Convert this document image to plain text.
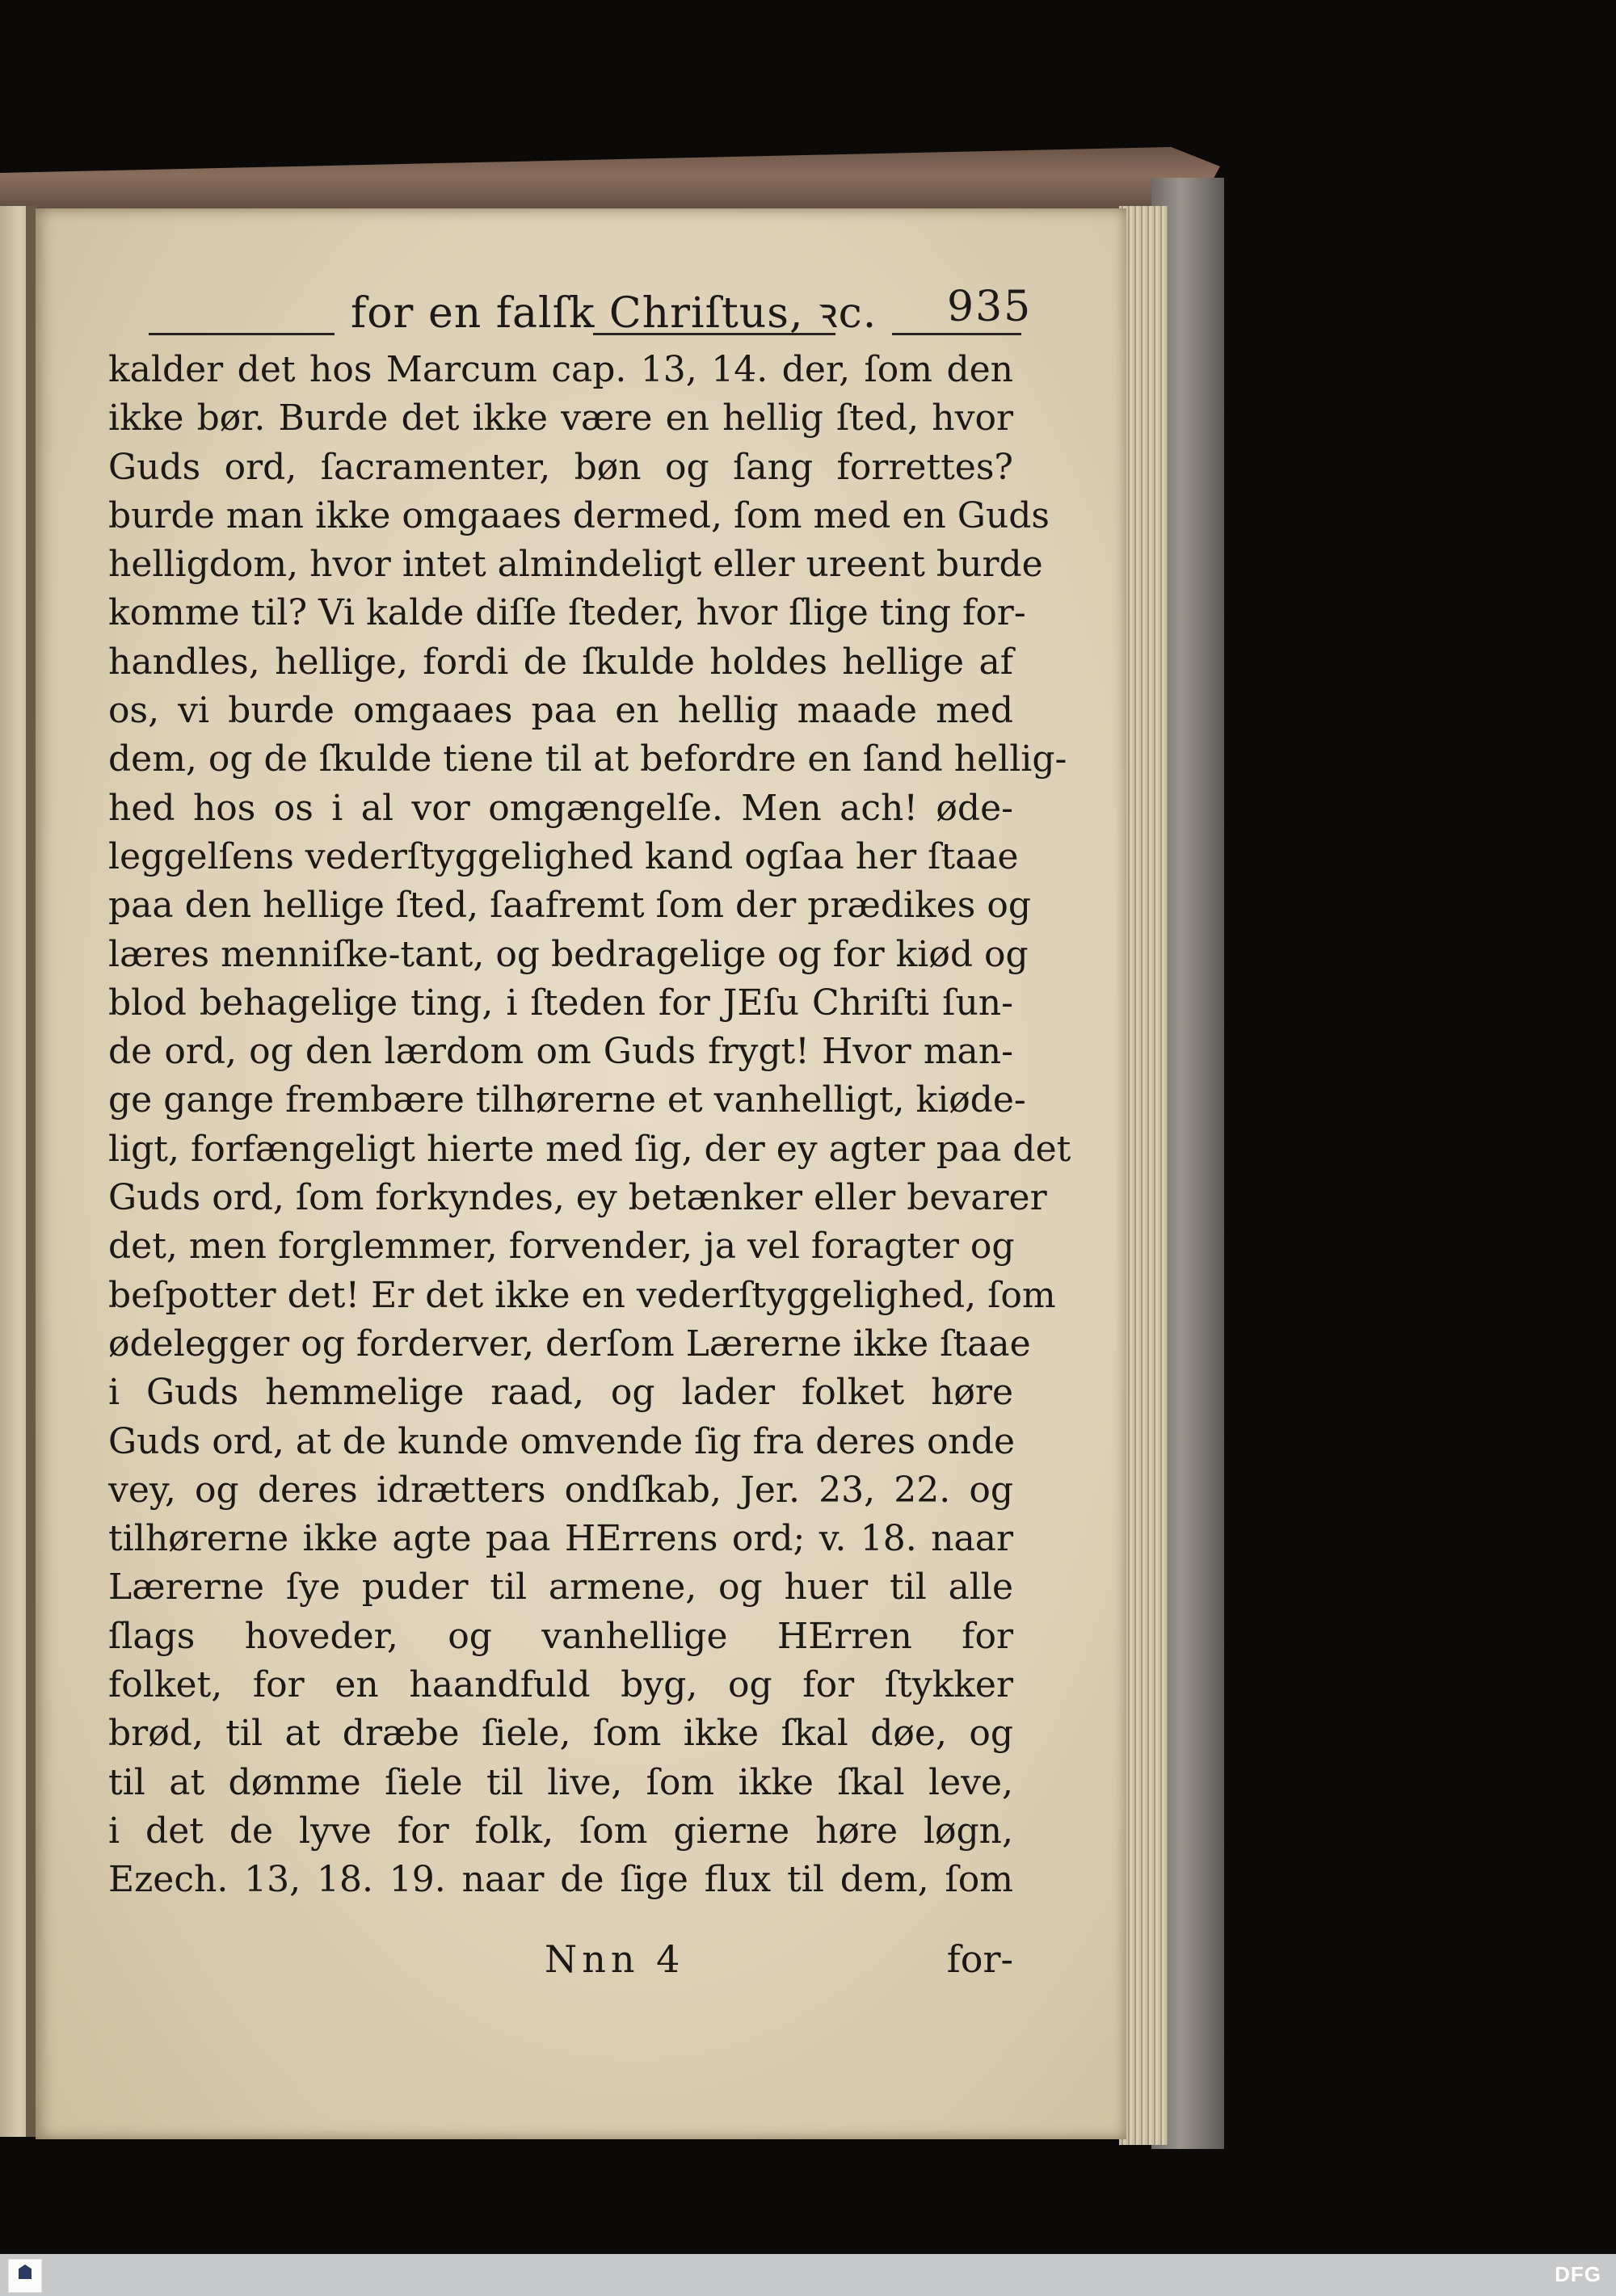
for en falſk Chriſtus, ꝛc. 935
kalder det hos Marcum cap. 13, 14. der, ſom den
ikke bør. Burde det ikke være en hellig ſted, hvor
Guds ord, ſacramenter, bøn og ſang forrettes?
burde man ikke omgaaes dermed, ſom med en Guds
helligdom, hvor intet almindeligt eller ureent burde
komme til? Vi kalde diſſe ſteder, hvor ſlige ting for-
handles, hellige, fordi de ſkulde holdes hellige af
os, vi burde omgaaes paa en hellig maade med
dem, og de ſkulde tiene til at befordre en ſand hellig-
hed hos os i al vor omgængelſe. Men ach! øde-
leggelſens vederſtyggelighed kand ogſaa her ſtaae
paa den hellige ſted, ſaafremt ſom der prædikes og
læres menniſke-tant, og bedragelige og for kiød og
blod behagelige ting, i ſteden for JEſu Chriſti ſun-
de ord, og den lærdom om Guds frygt! Hvor man-
ge gange frembære tilhørerne et vanhelligt, kiøde-
ligt, forfængeligt hierte med ſig, der ey agter paa det
Guds ord, ſom forkyndes, ey betænker eller bevarer
det, men forglemmer, forvender, ja vel foragter og
beſpotter det! Er det ikke en vederſtyggelighed, ſom
ødelegger og forderver, derſom Lærerne ikke ſtaae
i Guds hemmelige raad, og lader folket høre
Guds ord, at de kunde omvende ſig fra deres onde
vey, og deres idrætters ondſkab, Jer. 23, 22. og
tilhørerne ikke agte paa HErrens ord; v. 18. naar
Lærerne ſye puder til armene, og huer til alle
ſlags hoveder, og vanhellige HErren for
folket, for en haandfuld byg, og for ſtykker
brød, til at dræbe ſiele, ſom ikke ſkal døe, og
til at dømme ſiele til live, ſom ikke ſkal leve,
i det de lyve for folk, ſom gierne høre løgn,
Ezech. 13, 18. 19. naar de ſige flux til dem, ſom
Nnn 4	for-
DFG
